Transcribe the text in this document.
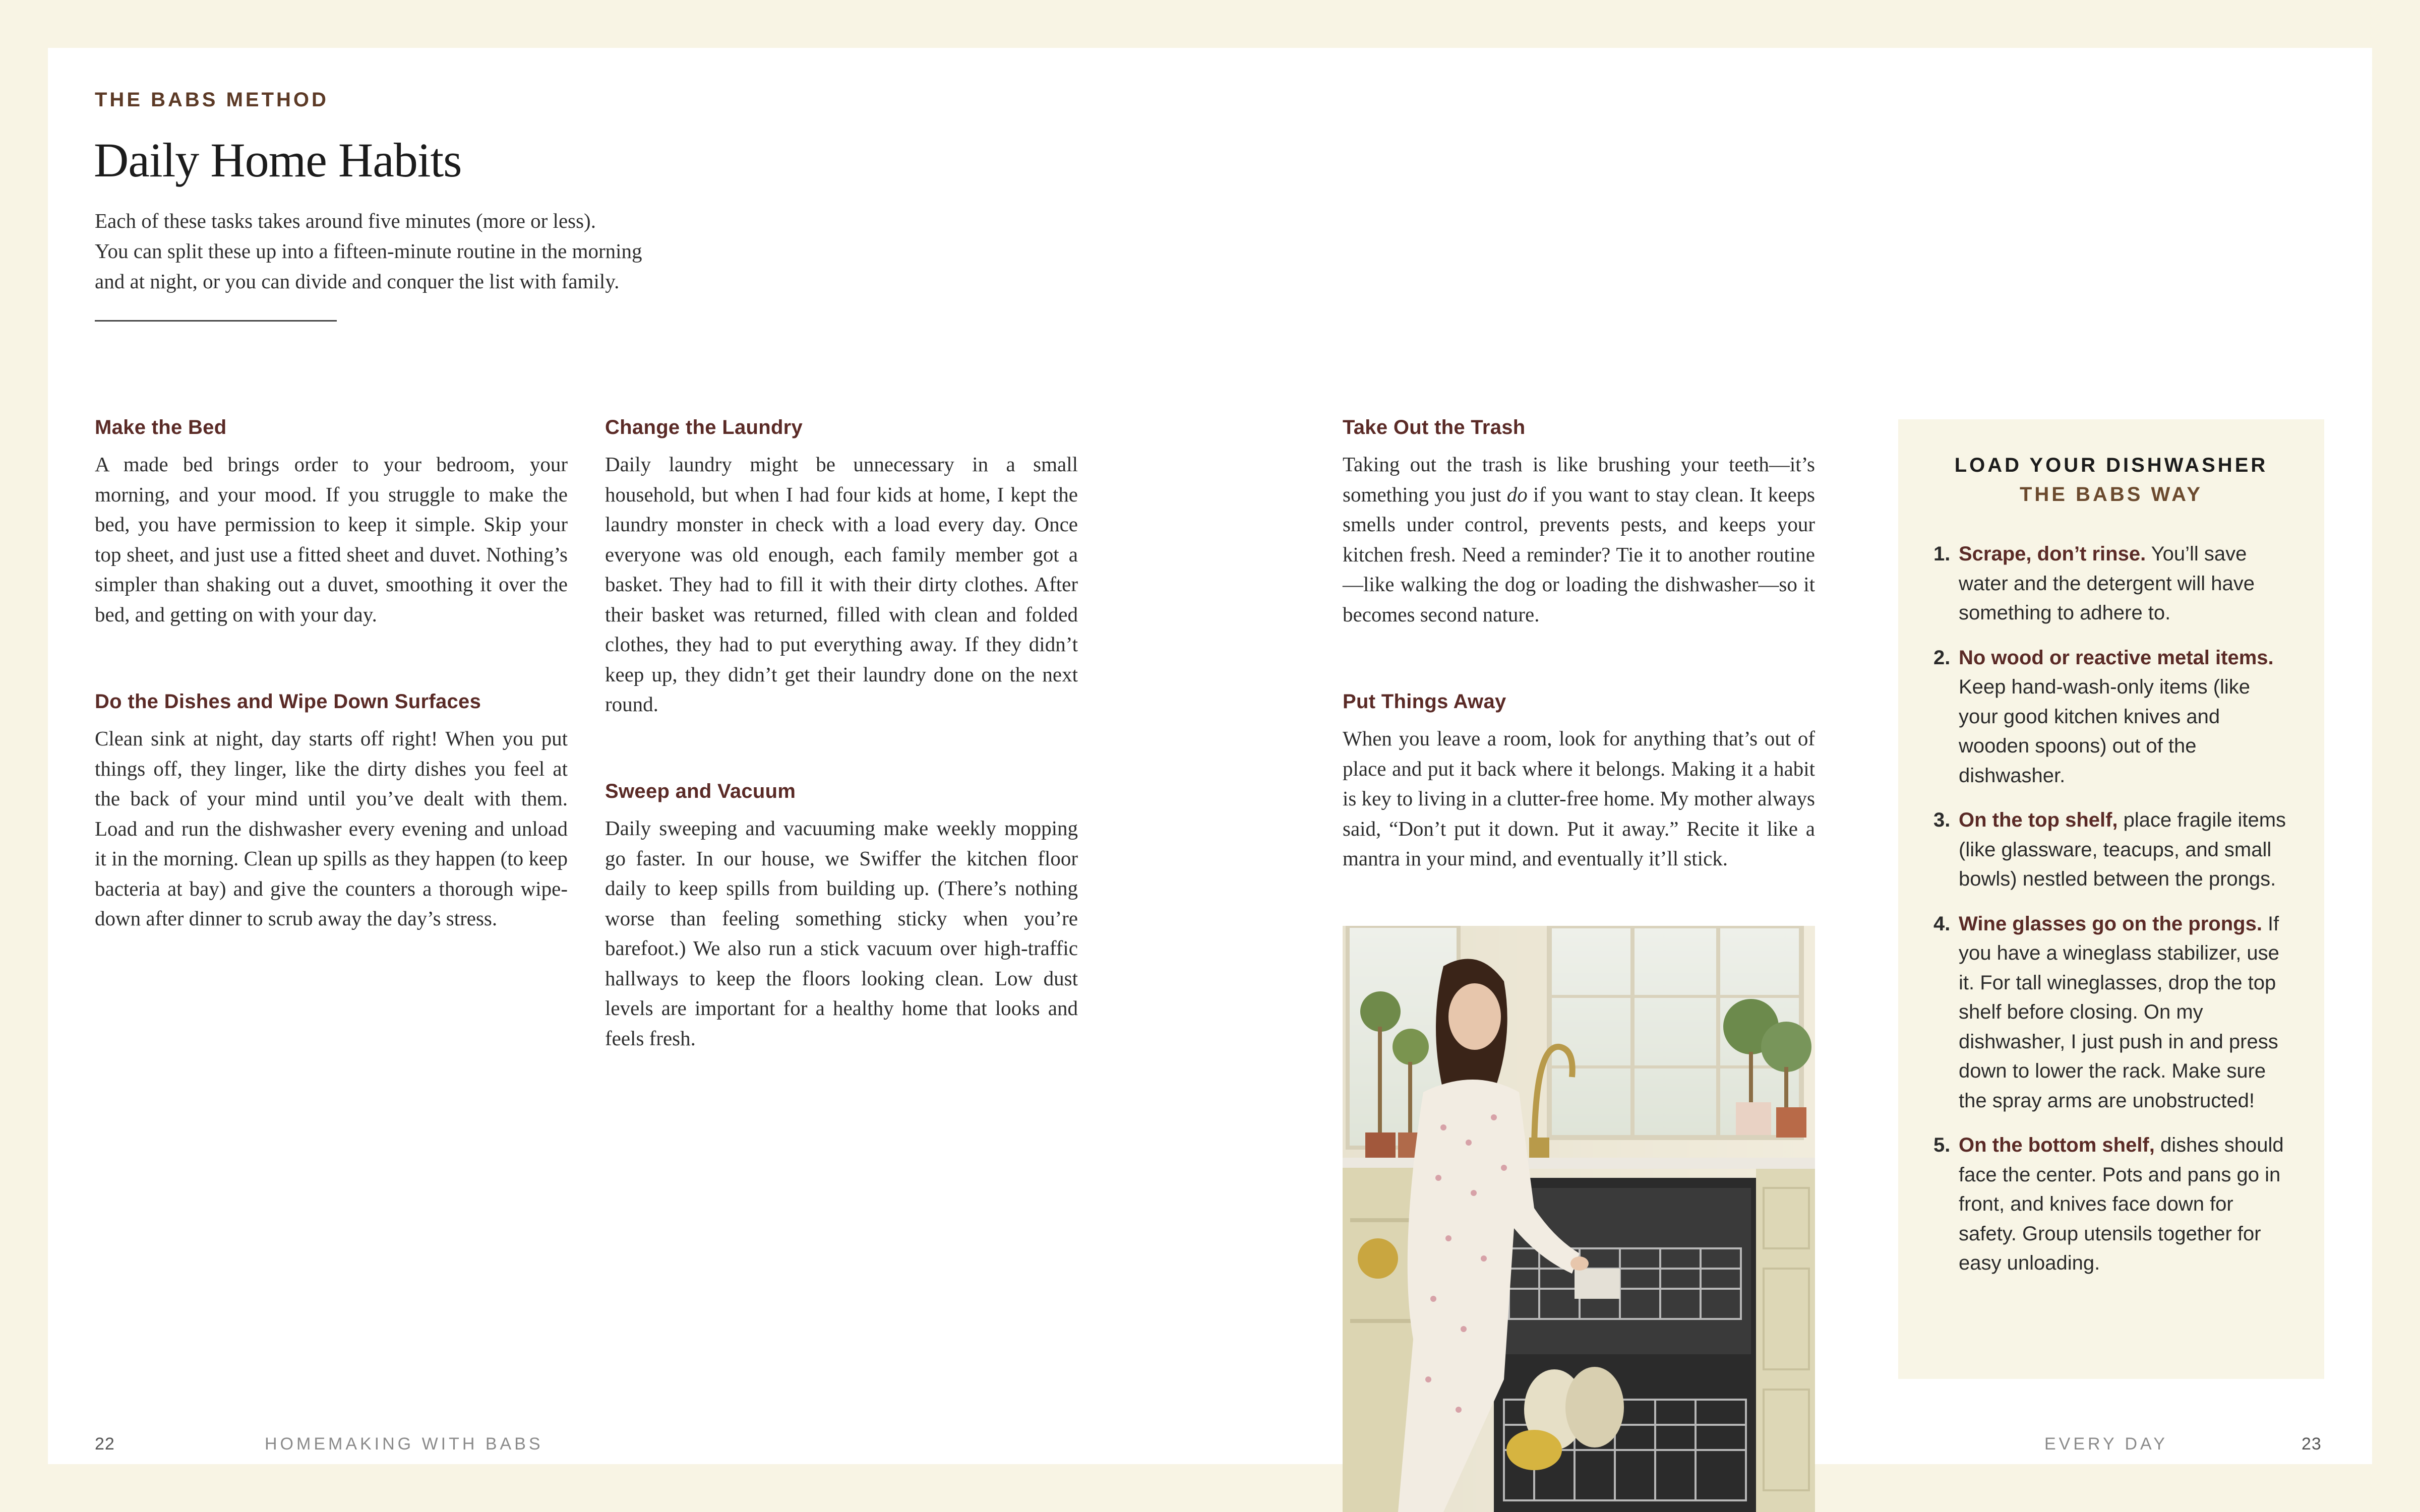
THE BABS METHOD
Daily Home Habits

Each of these tasks takes around five minutes (more or less).

You can split these up into a fifteen-minute routine in the morning

and at night, or you can divide and conquer the list with family.

Make the Bed

A made bed brings order to your bedroom, your morning, and your mood. If you struggle to make the bed, you have permission to keep it simple. Skip your top sheet, and just use a fitted sheet and duvet. Nothing’s simpler than shaking out a duvet, smoothing it over the bed, and getting on with your day.

Do the Dishes and Wipe Down Surfaces

Clean sink at night, day starts off right! When you put things off, they linger, like the dirty dishes you feel at the back of your mind until you’ve dealt with them. Load and run the dishwasher every evening and unload it in the morning. Clean up spills as they happen (to keep bacteria at bay) and give the counters a thorough wipe-down after dinner to scrub away the day’s stress.

Change the Laundry

Daily laundry might be unnecessary in a small household, but when I had four kids at home, I kept the laundry monster in check with a load every day. Once everyone was old enough, each family member got a basket. They had to fill it with their dirty clothes. After their basket was returned, filled with clean and folded clothes, they had to put everything away. If they didn’t keep up, they didn’t get their laundry done on the next round.

Sweep and Vacuum

Daily sweeping and vacuuming make weekly mopping go faster. In our house, we Swiffer the kitchen floor daily to keep spills from building up. (There’s nothing worse than feeling something sticky when you’re barefoot.) We also run a stick vacuum over high-traffic hallways to keep the floors looking clean. Low dust levels are important for a healthy home that looks and feels fresh.

22	HOMEMAKING WITH BABS
Take Out the Trash

Taking out the trash is like brushing your teeth—it’s something you just do if you want to stay clean. It keeps smells under control, prevents pests, and keeps your kitchen fresh. Need a reminder? Tie it to another routine—like walking the dog or loading the dishwasher—so it becomes second nature.

Put Things Away

When you leave a room, look for anything that’s out of place and put it back where it belongs. Making it a habit is key to living in a clutter-free home. My mother always said, “Don’t put it down. Put it away.” Recite it like a mantra in your mind, and eventually it’ll stick.

LOAD YOUR DISHWASHER
THE BABS WAY
1. Scrape, don’t rinse. You’ll save water and the detergent will have something to adhere to.
2. No wood or reactive metal items. Keep hand-wash-only items (like your good kitchen knives and wooden spoons) out of the dishwasher.
3. On the top shelf, place fragile items (like glassware, teacups, and small bowls) nestled between the prongs.
4. Wine glasses go on the prongs. If you have a wineglass stabilizer, use it. For tall wineglasses, drop the top shelf before closing. On my dishwasher, I just push in and press down to lower the rack. Make sure the spray arms are unobstructed!
5. On the bottom shelf, dishes should face the center. Pots and pans go in front, and knives face down for safety. Group utensils together for easy unloading.
EVERY DAY	23
